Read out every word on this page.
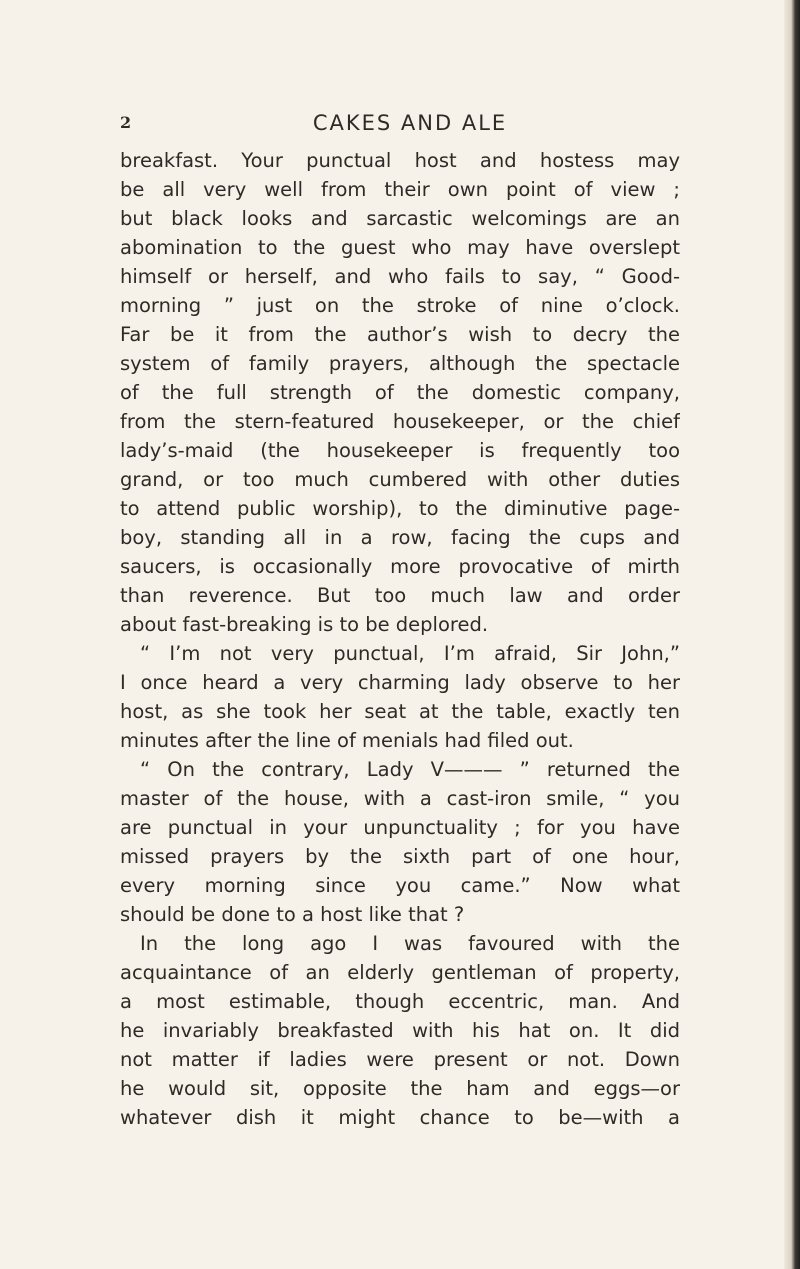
2	CAKES AND ALE
breakfast. Your punctual host and hostess may
be all very well from their own point of view ;
but black looks and sarcastic welcomings are an
abomination to the guest who may have overslept
himself or herself, and who fails to say, “ Good-
morning ” just on the stroke of nine o’clock.
Far be it from the author’s wish to decry the
system of family prayers, although the spectacle
of the full strength of the domestic company,
from the stern-featured housekeeper, or the chief
lady’s-maid (the housekeeper is frequently too
grand, or too much cumbered with other duties
to attend public worship), to the diminutive page-
boy, standing all in a row, facing the cups and
saucers, is occasionally more provocative of mirth
than reverence. But too much law and order
about fast-breaking is to be deplored.
“ I’m not very punctual, I’m afraid, Sir John,”
I once heard a very charming lady observe to her
host, as she took her seat at the table, exactly ten
minutes after the line of menials had filed out.
“ On the contrary, Lady V——— ” returned the
master of the house, with a cast-iron smile, “ you
are punctual in your unpunctuality ; for you have
missed prayers by the sixth part of one hour,
every morning since you came.” Now what
should be done to a host like that ?
In the long ago I was favoured with the
acquaintance of an elderly gentleman of property,
a most estimable, though eccentric, man. And
he invariably breakfasted with his hat on. It did
not matter if ladies were present or not. Down
he would sit, opposite the ham and eggs—or
whatever dish it might chance to be—with a
